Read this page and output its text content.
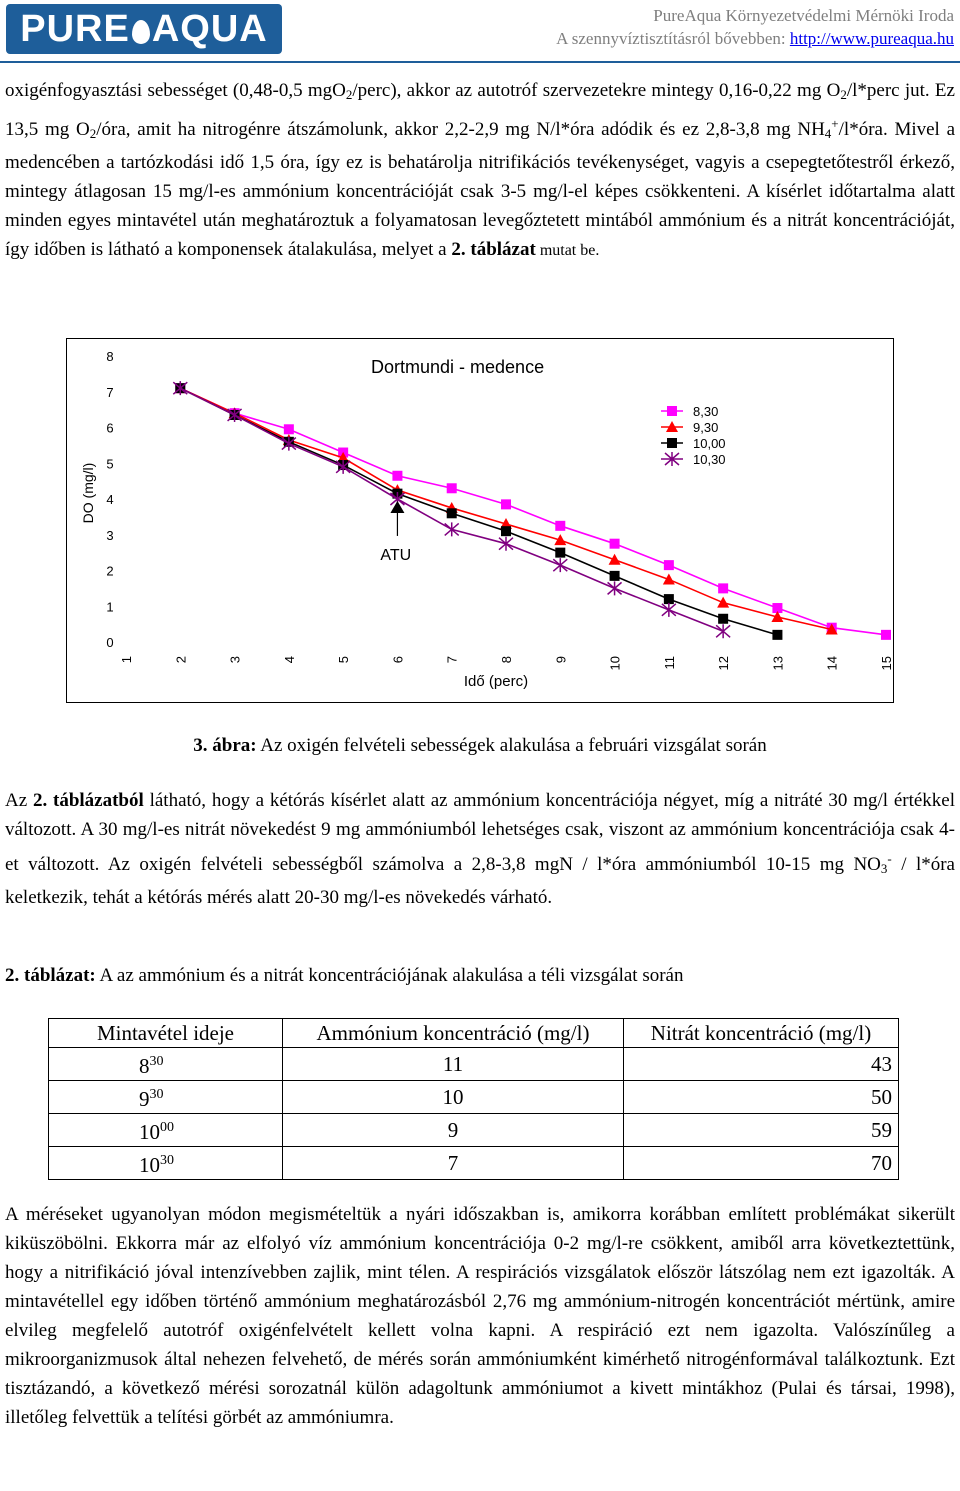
PURE AQUA	PureAqua Környezetvédelmi Mérnöki Iroda
A szennyvíztisztításról bővebben: http://www.pureaqua.hu

oxigénfogyasztási sebességet (0,48-0,5 mgO$_2$/perc), akkor az autotróf szervezetekre mintegy 0,16-0,22 mg $O_2/l*perc$ jut. Ez 13,5 mg $O_2$/óra, amit ha nitrogénre átszámolunk, akkor 2,2-2,9 mg N/l*óra adódik és ez 2,8-3,8 mg $NH_4^+/l*óra$. Mivel a medencében a tartózkodási idő 1,5 óra, így ez is behatárolja nitrifikációs tevékenységet, vagyis a csepegtetőtestről érkező, mintegy átlagosan 15 mg/l-es ammónium koncentrációját csak 3-5 mg/l-el képes csökkenteni. A kísérlet időtartalma alatt minden egyes mintavétel után meghatároztuk a folyamatosan levegőztetett mintából ammónium és a nitrát koncentrációját, így időben is látható a komponensek átalakulása, melyet a 2. táblázat mutat be.

0
1
2
3
4
5
6
7
8
1	2	3	4	5	6	7	8	9	10	11	12	13	14	15
DO (mg/l)
Idő (perc)
Dortmundi - medence
ATU
8,30
9,30
10,00
10,30
3. ábra: Az oxigén felvételi sebességek alakulása a februári vizsgálat során

Az 2. táblázatból látható, hogy a kétórás kísérlet alatt az ammónium koncentrációja négyet, míg a nitráté 30 mg/l értékkel változott. A 30 mg/l-es nitrát növekedést 9 mg ammóniumból lehetséges csak, viszont az ammónium koncentrációja csak 4-et változott. Az oxigén felvételi sebességből számolva a 2,8-3,8 mgN / l*óra ammóniumból 10-15 mg $NO_3^-$ / l*óra keletkezik, tehát a kétórás mérés alatt 20-30 mg/l-es növekedés várható.

2. táblázat: A az ammónium és a nitrát koncentrációjának alakulása a téli vizsgálat során
Mintavétel ideje	Ammónium koncentráció (mg/l)	Nitrát koncentráció (mg/l)
$8^{30}$	11	43
$9^{30}$	10	50
$10^{00}$	9	59
$10^{30}$	7	70

A méréseket ugyanolyan módon megismételtük a nyári időszakban is, amikorra korábban említett problémákat sikerült kiküszöbölni. Ekkorra már az elfolyó víz ammónium koncentrációja 0-2 mg/l-re csökkent, amiből arra következtettünk, hogy a nitrifikáció jóval intenzívebben zajlik, mint télen. A respirációs vizsgálatok először látszólag nem ezt igazolták. A mintavétellel egy időben történő ammónium meghatározásból 2,76 mg ammónium-nitrogén koncentrációt mértünk, amire elvileg megfelelő autotróf oxigénfelvételt kellett volna kapni. A respiráció ezt nem igazolta. Valószínűleg a mikroorganizmusok által nehezen felvehető, de mérés során ammóniumként kimérhető nitrogénformával találkoztunk. Ezt tisztázandó, a következő mérési sorozatnál külön adagoltunk ammóniumot a kivett mintákhoz (Pulai és társai, 1998), illetőleg felvettük a telítési görbét az ammóniumra.
